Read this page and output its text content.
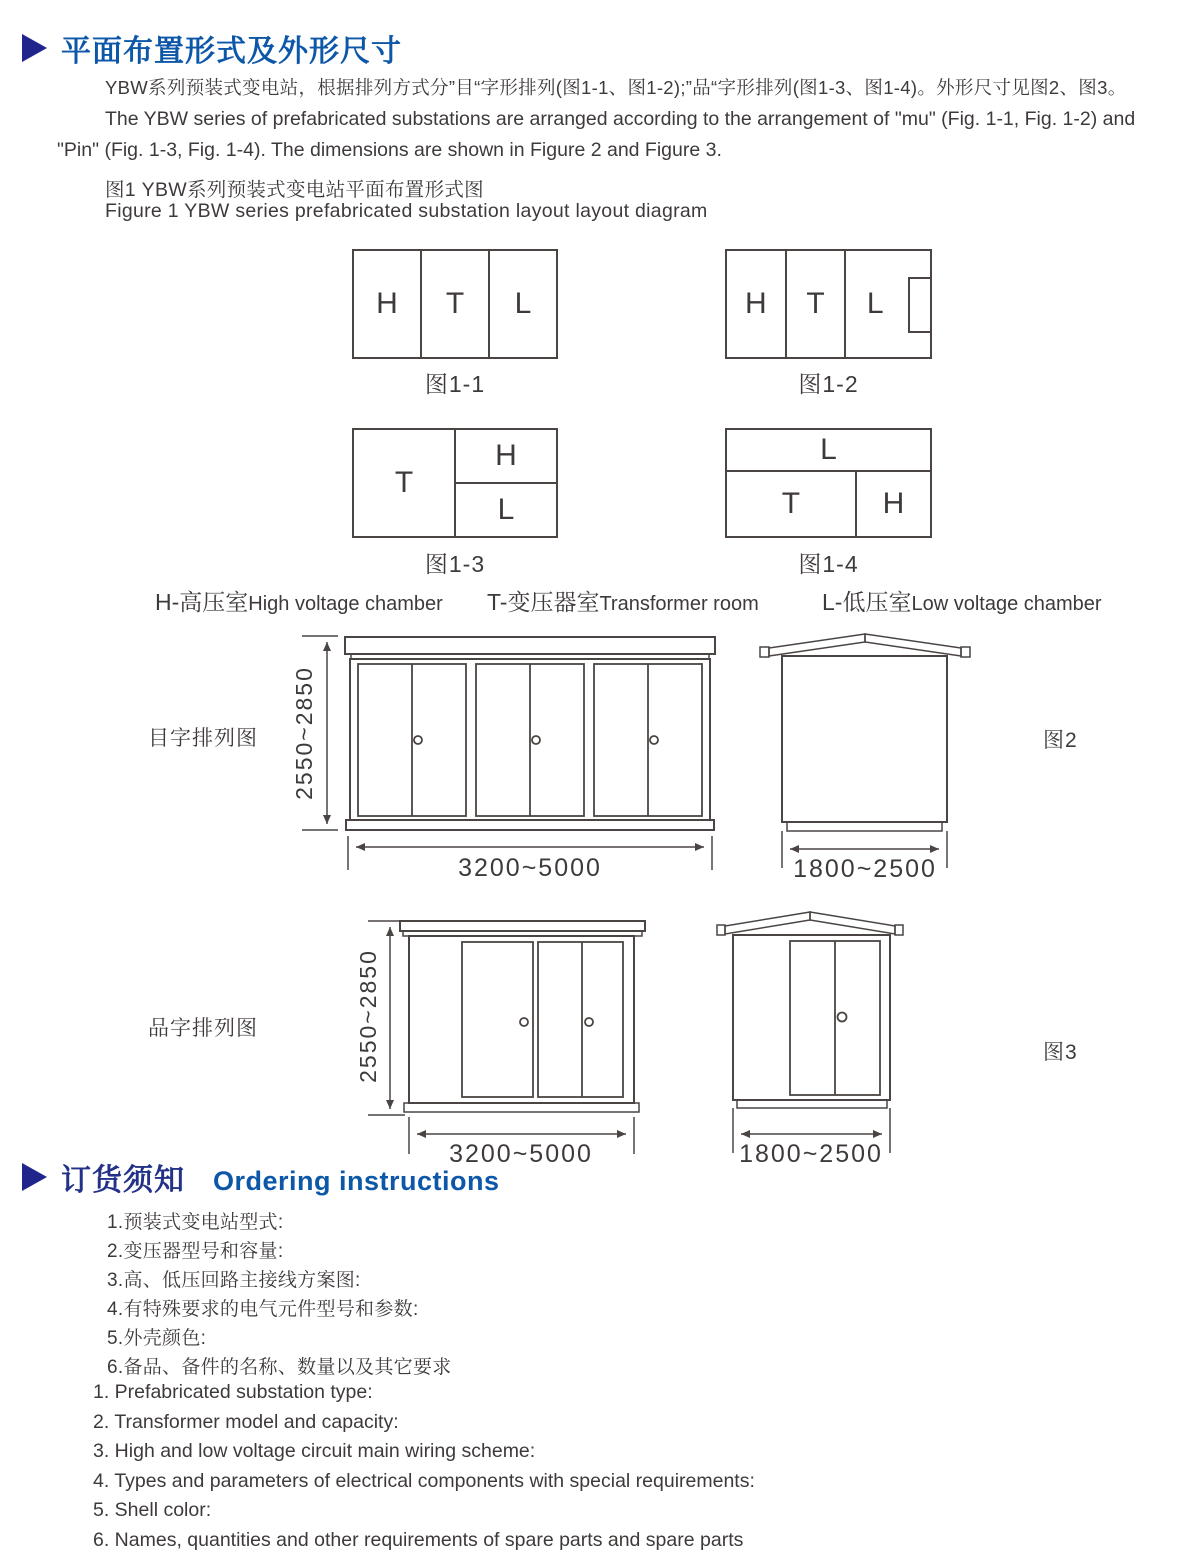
平面布置形式及外形尺寸
YBW系列预装式变电站，根据排列方式分”目“字形排列(图1-1、图1-2);”品“字形排列(图1-3、图1-4)。外形尺寸见图2、图3。
The YBW series of prefabricated substations are arranged according to the arrangement of "mu" (Fig. 1-1, Fig. 1-2) and
"Pin" (Fig. 1-3, Fig. 1-4). The dimensions are shown in Figure 2 and Figure 3.
图1 YBW系列预装式变电站平面布置形式图
Figure 1 YBW series prefabricated substation layout layout diagram
H	T	L
图1-1
H	T	L
图1-2
T
H
L
图1-3
L
T	H
图1-4
H-高压室High voltage chamber T-变压器室Transformer room	L-低压室Low voltage chamber
目字排列图	图2
2550~2850
3200~5000	1800~2500
品字排列图
图3
2550~2850
3200~5000	1800~2500
订货须知 Ordering instructions
1.预装式变电站型式:
2.变压器型号和容量:
3.高、低压回路主接线方案图:
4.有特殊要求的电气元件型号和参数:
5.外壳颜色:
6.备品、备件的名称、数量以及其它要求
1. Prefabricated substation type:
2. Transformer model and capacity:
3. High and low voltage circuit main wiring scheme:
4. Types and parameters of electrical components with special requirements:
5. Shell color:
6. Names, quantities and other requirements of spare parts and spare parts
